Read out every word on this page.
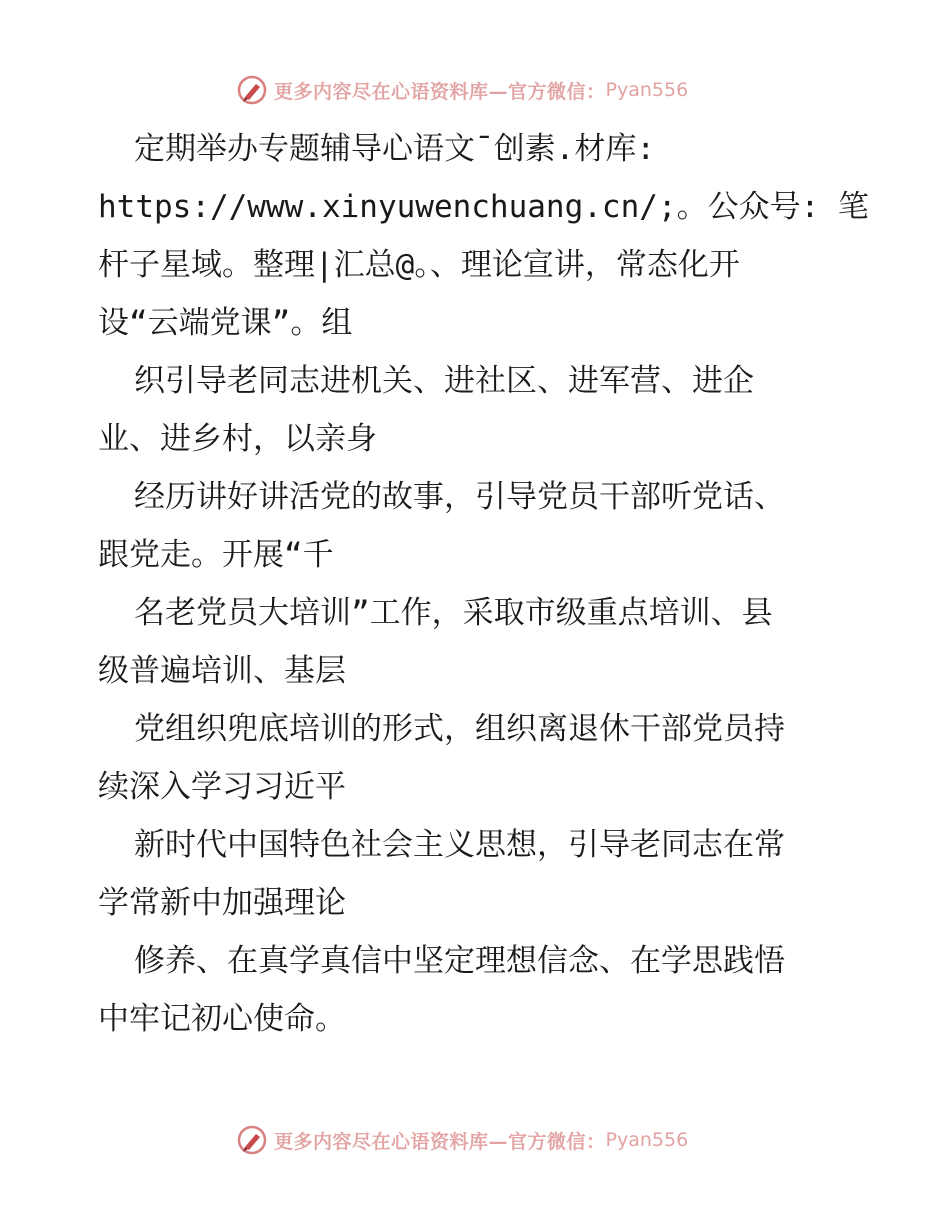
更多内容尽在心语资料库—官方微信： Pyan556
定期举办专题辅导心语文¯创素.材库:
https://www.xinyuwenchuang.cn/;。公众号: 笔
杆子星域。整理|汇总@。、理论宣讲，常态化开
设“云端党课”。组
织引导老同志进机关、进社区、进军营、进企
业、进乡村，以亲身
经历讲好讲活党的故事，引导党员干部听党话、
跟党走。开展“千
名老党员大培训”工作，采取市级重点培训、县
级普遍培训、基层
党组织兜底培训的形式，组织离退休干部党员持
续深入学习习近平
新时代中国特色社会主义思想，引导老同志在常
学常新中加强理论
修养、在真学真信中坚定理想信念、在学思践悟
中牢记初心使命。
更多内容尽在心语资料库—官方微信： Pyan556
